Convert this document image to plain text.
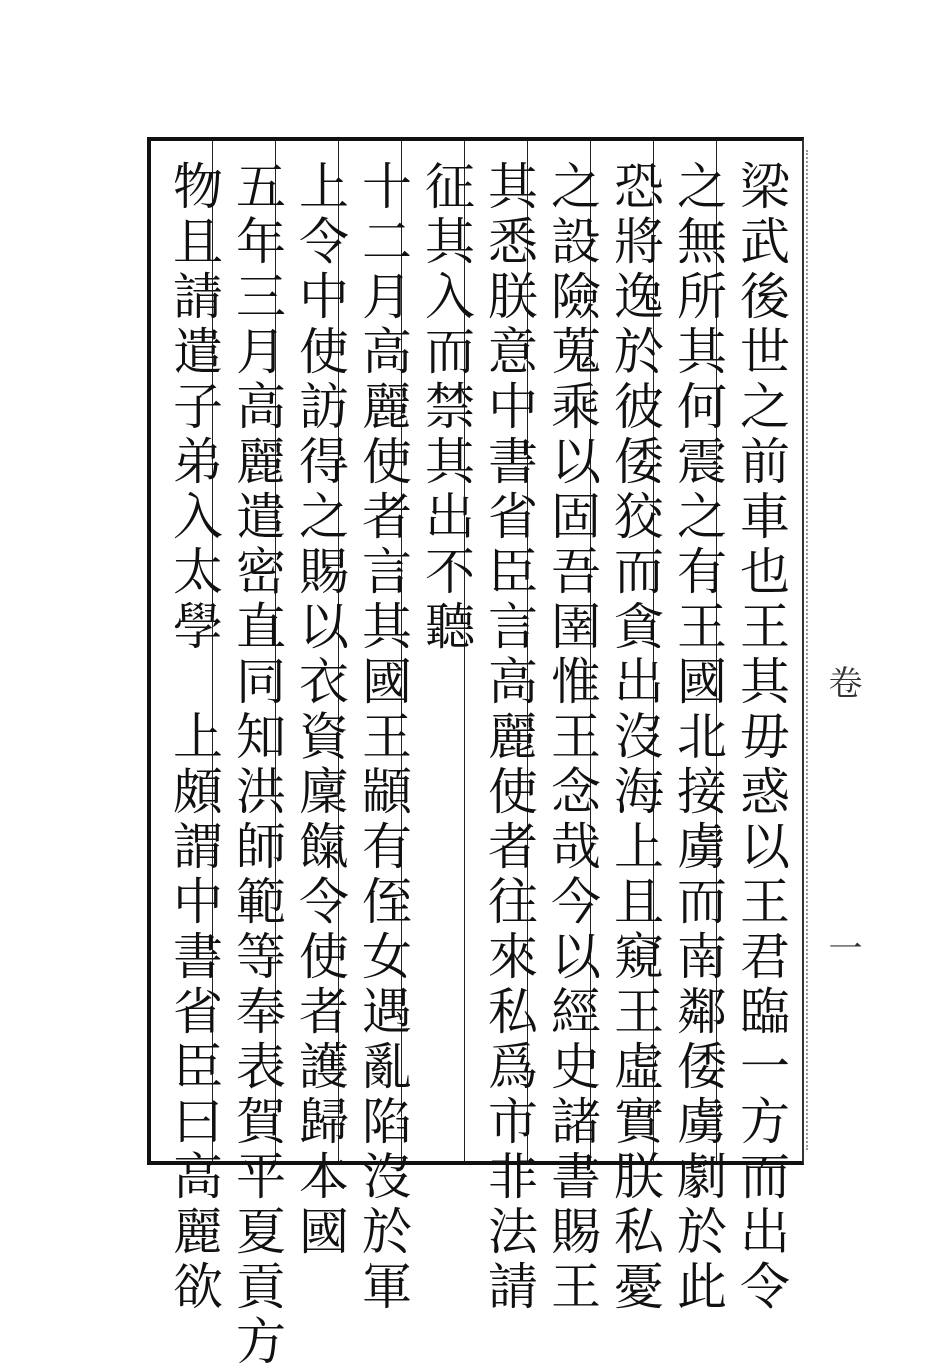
梁武後世之前車也王其毋惑以王君臨一方而出令
之無所其何震之有王國北接虜而南鄰倭虜劇於此
恐將逸於彼倭狡而貪出沒海上且窺王虛實朕私憂
之設險蒐乘以固吾圉惟王念哉今以經史諸書賜王
其悉朕意中書省臣言高麗使者往來私爲市非法請
征其入而禁其出不聽
十二月高麗使者言其國王顓有侄女遇亂陷沒於軍
上令中使訪得之賜以衣資廩餼令使者護歸本國
五年三月高麗遣密直同知洪師範等奉表賀平夏貢方
物且請遣子弟入太學　上頗謂中書省臣曰高麗欲	卷
一
